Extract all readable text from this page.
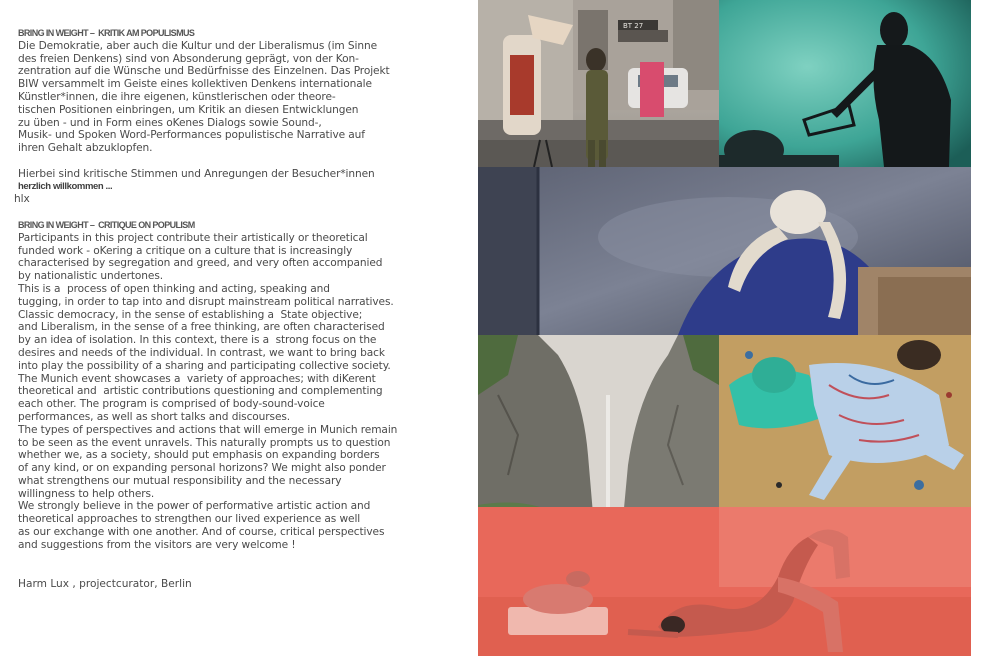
BRING IN WEIGHT –  KRITIK AM POPULISMUS
Die Demokratie, aber auch die Kultur und der Liberalismus (im Sinne
des freien Denkens) sind von Absonderung geprägt, von der Kon-
zentration auf die Wünsche und Bedürfnisse des Einzelnen. Das Projekt
BIW versammelt im Geiste eines kollektiven Denkens internationale
Künstler*innen, die ihre eigenen, künstlerischen oder theore-
tischen Positionen einbringen, um Kritik an diesen Entwicklungen
zu üben - und in Form eines oKenes Dialogs sowie Sound-,
Musik- und Spoken Word-Performances populistische Narrative auf
ihren Gehalt abzuklopfen.
Hierbei sind kritische Stimmen und Anregungen der Besucher*innen
herzlich willkommen ...
hlx
BRING IN WEIGHT –  CRITIQUE ON POPULISM
Participants in this project contribute their artistically or theoretical
funded work - oKering a critique on a culture that is increasingly
characterised by segregation and greed, and very often accompanied
by nationalistic undertones.
This is a  process of open thinking and acting, speaking and
tugging, in order to tap into and disrupt mainstream political narratives.
Classic democracy, in the sense of establishing a  State objective;
and Liberalism, in the sense of a free thinking, are often characterised
by an idea of isolation. In this context, there is a  strong focus on the
desires and needs of the individual. In contrast, we want to bring back
into play the possibility of a sharing and participating collective society.
The Munich event showcases a  variety of approaches; with diKerent
theoretical and  artistic contributions questioning and complementing
each other. The program is comprised of body-sound-voice
performances, as well as short talks and discourses.
The types of perspectives and actions that will emerge in Munich remain
to be seen as the event unravels. This naturally prompts us to question
whether we, as a society, should put emphasis on expanding borders
of any kind, or on expanding personal horizons? We might also ponder
what strengthens our mutual responsibility and the necessary
willingness to help others.
We strongly believe in the power of performative artistic action and
theoretical approaches to strengthen our lived experience as well
as our exchange with one another. And of course, critical perspectives
and suggestions from the visitors are very welcome !
Harm Lux , projectcurator, Berlin
BT 27
